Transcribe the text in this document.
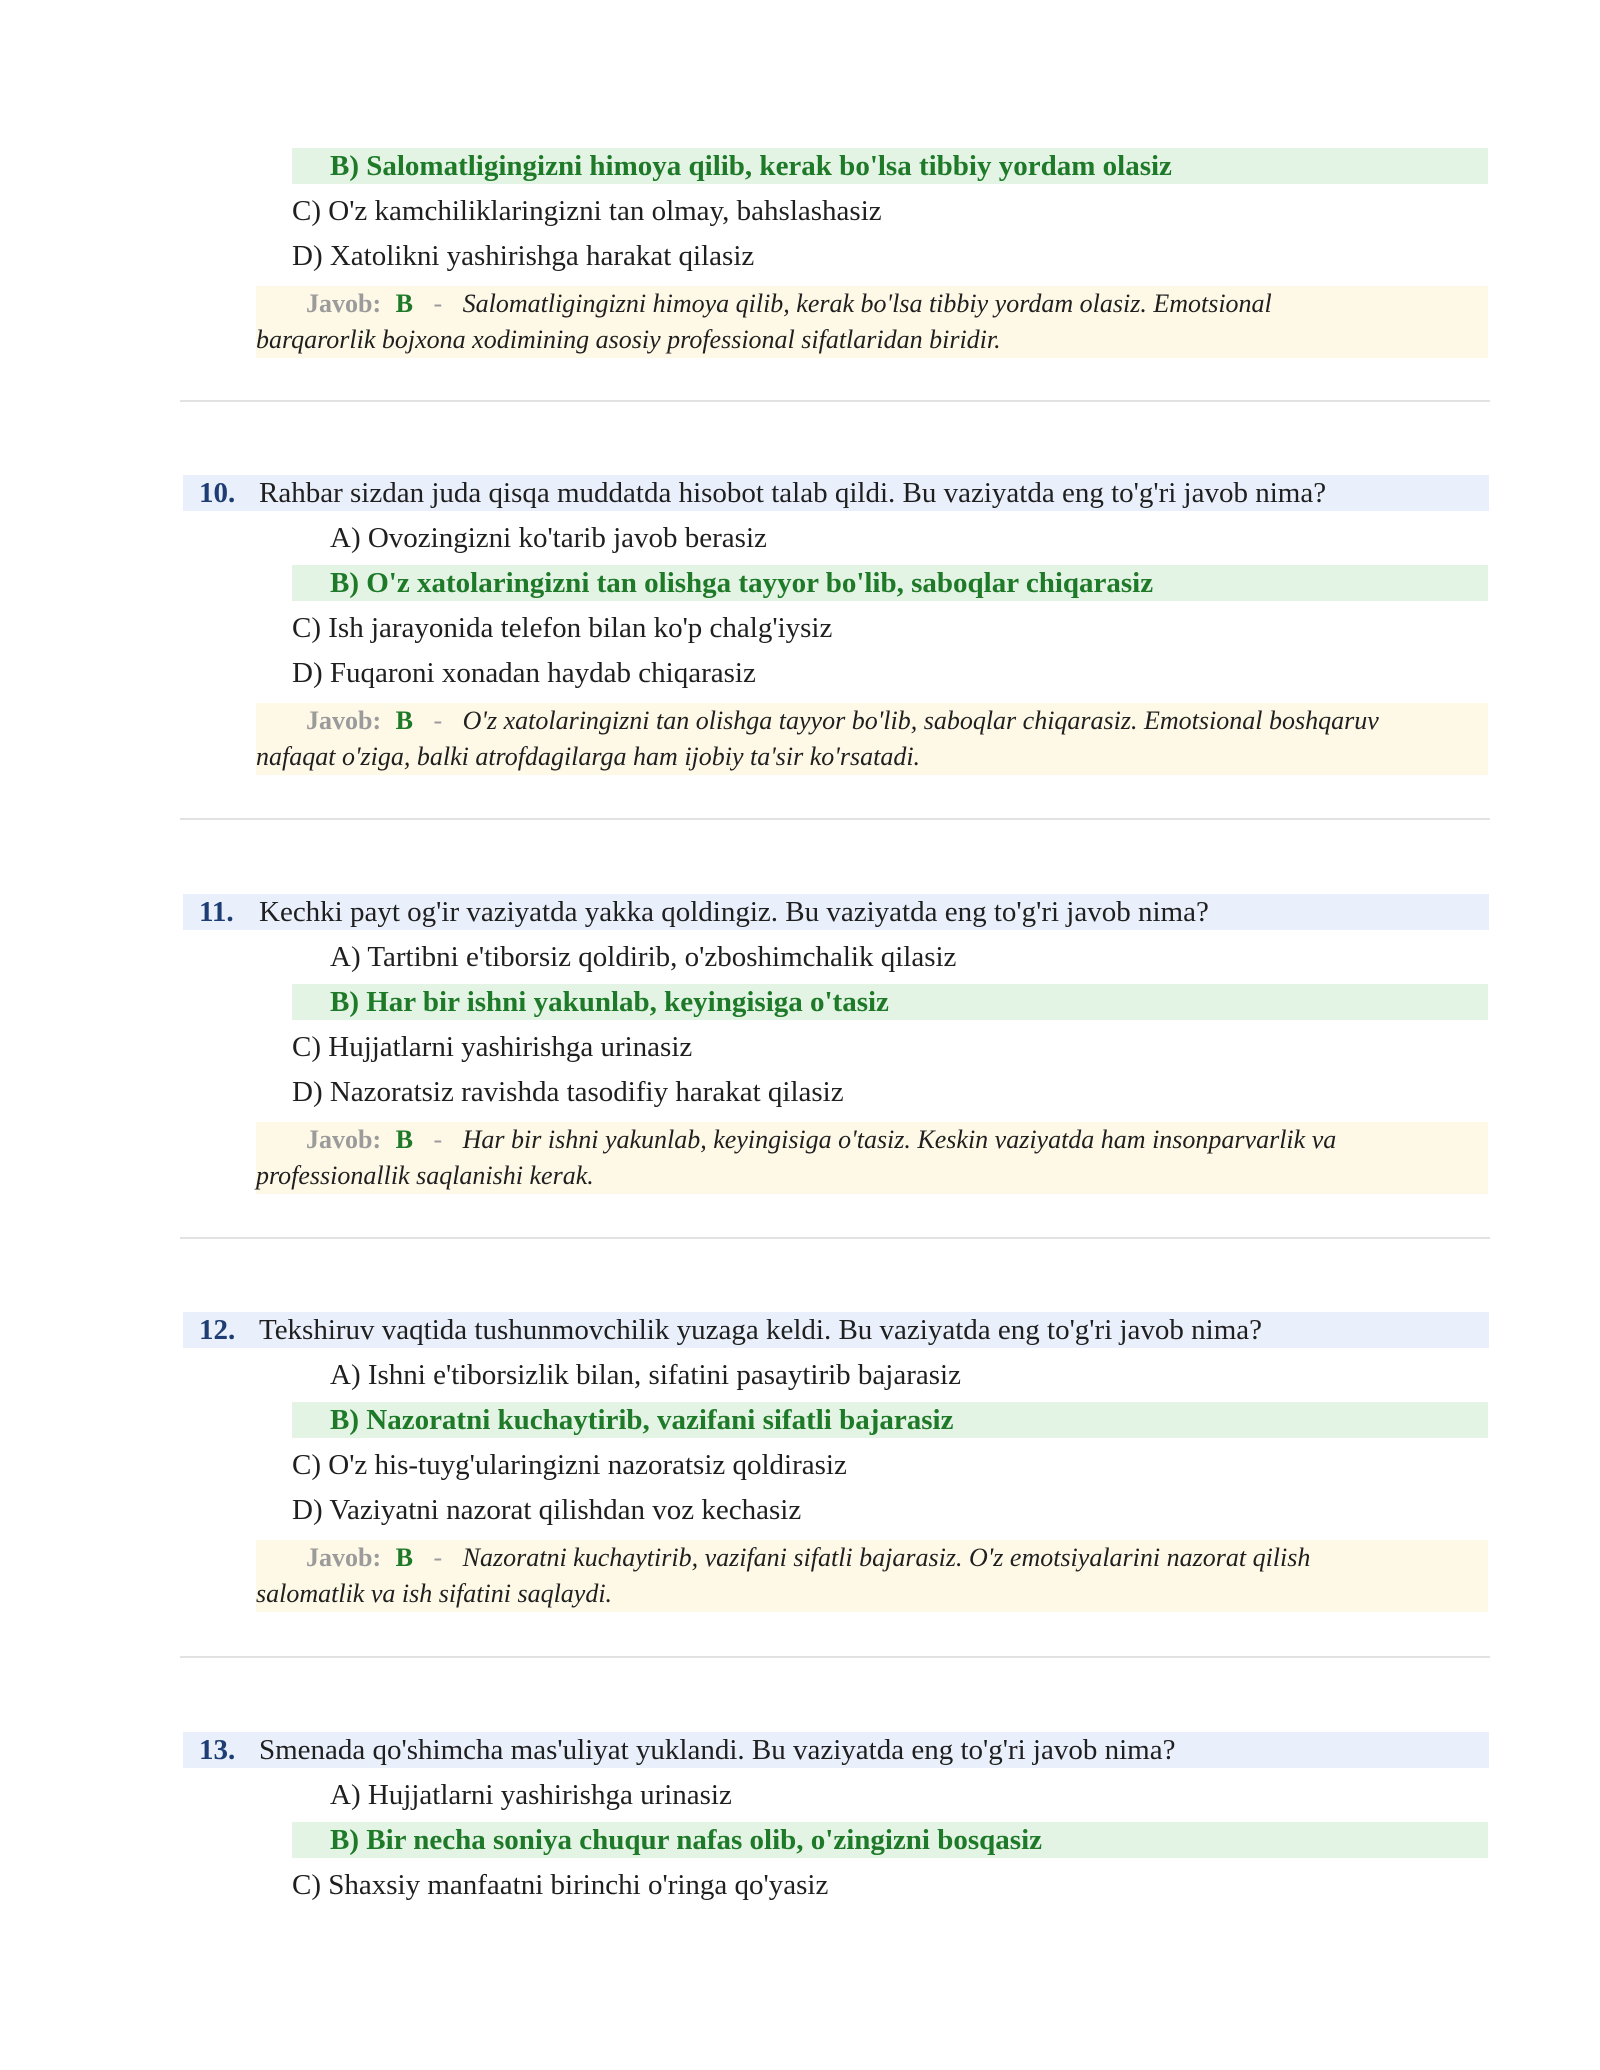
B) Salomatligingizni himoya qilib, kerak bo'lsa tibbiy yordam olasiz
C) O'z kamchiliklaringizni tan olmay, bahslashasiz
D) Xatolikni yashirishga harakat qilasiz
Javob: B - Salomatligingizni himoya qilib, kerak bo'lsa tibbiy yordam olasiz. Emotsional
barqarorlik bojxona xodimining asosiy professional sifatlaridan biridir.
10. Rahbar sizdan juda qisqa muddatda hisobot talab qildi. Bu vaziyatda eng to'g'ri javob nima?
A) Ovozingizni ko'tarib javob berasiz
B) O'z xatolaringizni tan olishga tayyor bo'lib, saboqlar chiqarasiz
C) Ish jarayonida telefon bilan ko'p chalg'iysiz
D) Fuqaroni xonadan haydab chiqarasiz
Javob: B - O'z xatolaringizni tan olishga tayyor bo'lib, saboqlar chiqarasiz. Emotsional boshqaruv
nafaqat o'ziga, balki atrofdagilarga ham ijobiy ta'sir ko'rsatadi.
11. Kechki payt og'ir vaziyatda yakka qoldingiz. Bu vaziyatda eng to'g'ri javob nima?
A) Tartibni e'tiborsiz qoldirib, o'zboshimchalik qilasiz
B) Har bir ishni yakunlab, keyingisiga o'tasiz
C) Hujjatlarni yashirishga urinasiz
D) Nazoratsiz ravishda tasodifiy harakat qilasiz
Javob: B - Har bir ishni yakunlab, keyingisiga o'tasiz. Keskin vaziyatda ham insonparvarlik va
professionallik saqlanishi kerak.
12. Tekshiruv vaqtida tushunmovchilik yuzaga keldi. Bu vaziyatda eng to'g'ri javob nima?
A) Ishni e'tiborsizlik bilan, sifatini pasaytirib bajarasiz
B) Nazoratni kuchaytirib, vazifani sifatli bajarasiz
C) O'z his-tuyg'ularingizni nazoratsiz qoldirasiz
D) Vaziyatni nazorat qilishdan voz kechasiz
Javob: B - Nazoratni kuchaytirib, vazifani sifatli bajarasiz. O'z emotsiyalarini nazorat qilish
salomatlik va ish sifatini saqlaydi.
13. Smenada qo'shimcha mas'uliyat yuklandi. Bu vaziyatda eng to'g'ri javob nima?
A) Hujjatlarni yashirishga urinasiz
B) Bir necha soniya chuqur nafas olib, o'zingizni bosqasiz
C) Shaxsiy manfaatni birinchi o'ringa qo'yasiz
